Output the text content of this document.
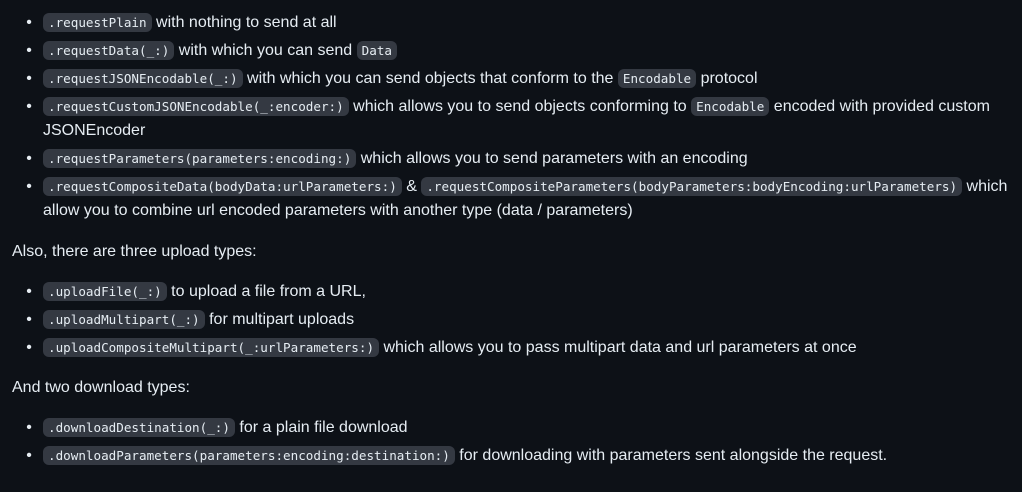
• .requestPlain with nothing to send at all
• .requestData(_:) with which you can send Data
• .requestJSONEncodable(_:) with which you can send objects that conform to the Encodable protocol
• .requestCustomJSONEncodable(_:encoder:) which allows you to send objects conforming to Encodable encoded with provided custom JSONEncoder
• .requestParameters(parameters:encoding:) which allows you to send parameters with an encoding
• .requestCompositeData(bodyData:urlParameters:) & .requestCompositeParameters(bodyParameters:bodyEncoding:urlParameters) which allow you to combine url encoded parameters with another type (data / parameters)

Also, there are three upload types:

• .uploadFile(_:) to upload a file from a URL,
• .uploadMultipart(_:) for multipart uploads
• .uploadCompositeMultipart(_:urlParameters:) which allows you to pass multipart data and url parameters at once

And two download types:

• .downloadDestination(_:) for a plain file download
• .downloadParameters(parameters:encoding:destination:) for downloading with parameters sent alongside the request.
